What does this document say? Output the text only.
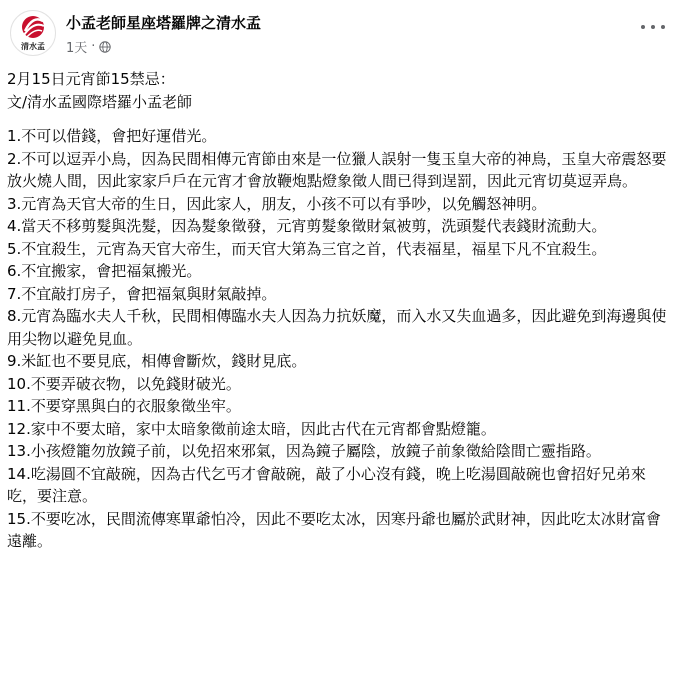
清水孟
小孟老師星座塔羅牌之清水孟
1天 ·

2月15日元宵節15禁忌：

文/清水孟國際塔羅小孟老師

1.不可以借錢，會把好運借光。

2.不可以逗弄小鳥，因為民間相傳元宵節由來是一位獵人誤射一隻玉皇大帝的神鳥，玉皇大帝震怒要放火燒人間，因此家家戶戶在元宵才會放鞭炮點燈象徵人間已得到逞罰，因此元宵切莫逗弄鳥。

3.元宵為天官大帝的生日，因此家人，朋友，小孩不可以有爭吵，以免觸怒神明。

4.當天不移剪髮與洗髮，因為髮象徵發，元宵剪髮象徵財氣被剪，洗頭髮代表錢財流動大。

5.不宜殺生，元宵為天官大帝生，而天官大第為三官之首，代表福星，福星下凡不宜殺生。

6.不宜搬家，會把福氣搬光。

7.不宜敲打房子，會把福氣與財氣敲掉。

8.元宵為臨水夫人千秋，民間相傳臨水夫人因為力抗妖魔，而入水又失血過多，因此避免到海邊與使用尖物以避免見血。

9.米缸也不要見底，相傳會斷炊，錢財見底。

10.不要弄破衣物，以免錢財破光。

11.不要穿黑與白的衣服象徵坐牢。

12.家中不要太暗，家中太暗象徵前途太暗，因此古代在元宵都會點燈籠。

13.小孩燈籠勿放鏡子前，以免招來邪氣，因為鏡子屬陰，放鏡子前象徵給陰間亡靈指路。

14.吃湯圓不宜敲碗，因為古代乞丐才會敲碗，敲了小心沒有錢，晚上吃湯圓敲碗也會招好兄弟來吃，要注意。

15.不要吃冰，民間流傳寒單爺怕冷，因此不要吃太冰，因寒丹爺也屬於武財神，因此吃太冰財富會遠離。
